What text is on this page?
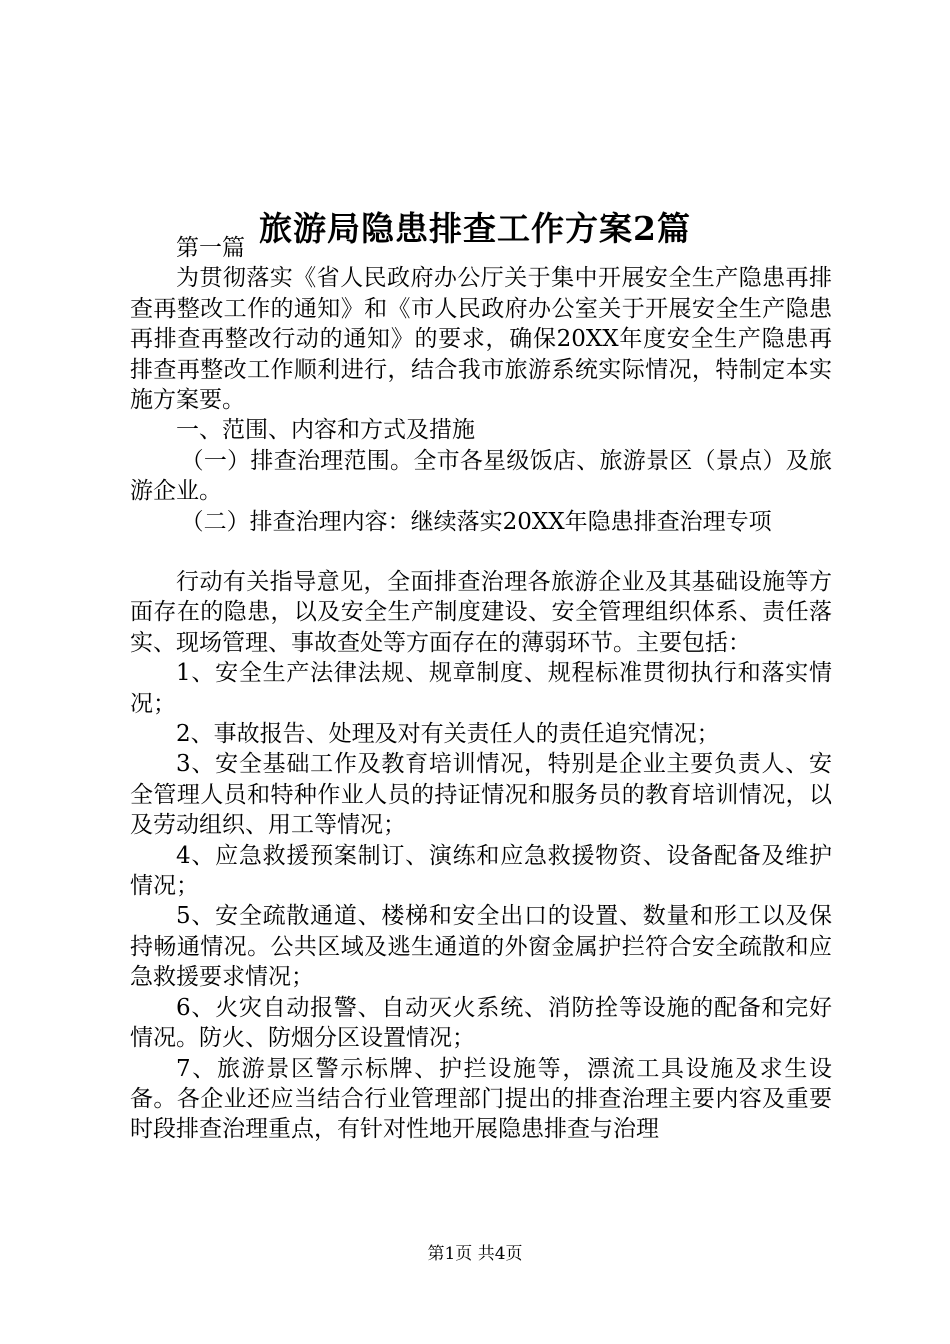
旅游局隐患排查工作方案2篇

第一篇

为贯彻落实《省人民政府办公厅关于集中开展安全生产隐患再排查再整改工作的通知》和《市人民政府办公室关于开展安全生产隐患再排查再整改行动的通知》的要求，确保20XX年度安全生产隐患再排查再整改工作顺利进行，结合我市旅游系统实际情况，特制定本实施方案要。

一、范围、内容和方式及措施

（一）排查治理范围。全市各星级饭店、旅游景区（景点）及旅游企业。

（二）排查治理内容：继续落实20XX年隐患排查治理专项

行动有关指导意见，全面排查治理各旅游企业及其基础设施等方面存在的隐患，以及安全生产制度建设、安全管理组织体系、责任落实、现场管理、事故查处等方面存在的薄弱环节。主要包括：

1、安全生产法律法规、规章制度、规程标准贯彻执行和落实情况；

2、事故报告、处理及对有关责任人的责任追究情况；

3、安全基础工作及教育培训情况，特别是企业主要负责人、安全管理人员和特种作业人员的持证情况和服务员的教育培训情况，以及劳动组织、用工等情况；

4、应急救援预案制订、演练和应急救援物资、设备配备及维护情况；

5、安全疏散通道、楼梯和安全出口的设置、数量和形工以及保持畅通情况。公共区域及逃生通道的外窗金属护拦符合安全疏散和应急救援要求情况；

6、火灾自动报警、自动灭火系统、消防拴等设施的配备和完好情况。防火、防烟分区设置情况；

7、旅游景区警示标牌、护拦设施等，漂流工具设施及求生设备。各企业还应当结合行业管理部门提出的排查治理主要内容及重要时段排查治理重点，有针对性地开展隐患排查与治理

第1页 共4页
